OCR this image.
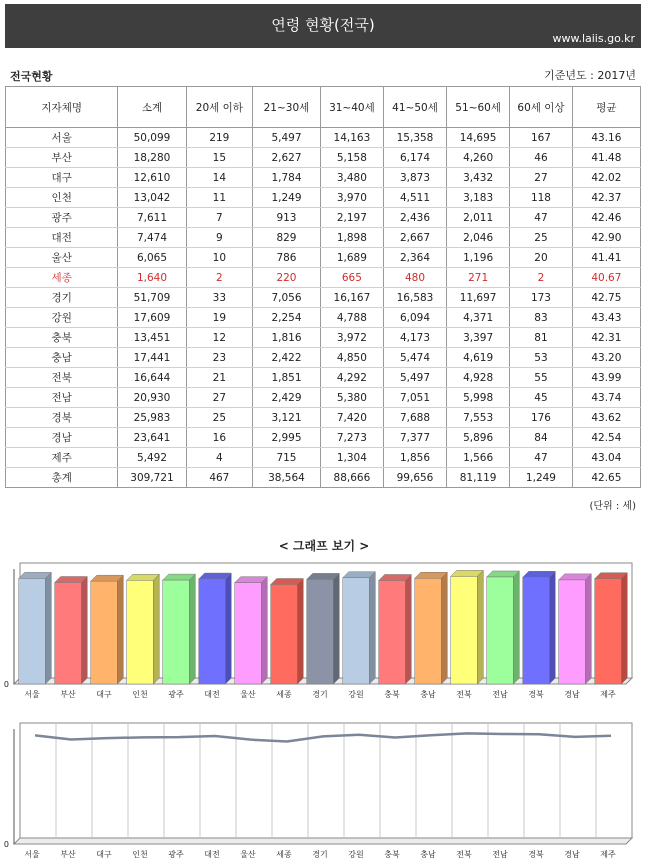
연령 현황(전국)
www.laiis.go.kr
전국현황	기준년도 : 2017년
지자체명	소계	20세 이하	21~30세	31~40세	41~50세	51~60세	60세 이상	평균
서울	50,099	219	5,497	14,163	15,358	14,695	167	43.16
부산	18,280	15	2,627	5,158	6,174	4,260	46	41.48
대구	12,610	14	1,784	3,480	3,873	3,432	27	42.02
인천	13,042	11	1,249	3,970	4,511	3,183	118	42.37
광주	7,611	7	913	2,197	2,436	2,011	47	42.46
대전	7,474	9	829	1,898	2,667	2,046	25	42.90
울산	6,065	10	786	1,689	2,364	1,196	20	41.41
세종	1,640	2	220	665	480	271	2	40.67
경기	51,709	33	7,056	16,167	16,583	11,697	173	42.75
강원	17,609	19	2,254	4,788	6,094	4,371	83	43.43
충북	13,451	12	1,816	3,972	4,173	3,397	81	42.31
충남	17,441	23	2,422	4,850	5,474	4,619	53	43.20
전북	16,644	21	1,851	4,292	5,497	4,928	55	43.99
전남	20,930	27	2,429	5,380	7,051	5,998	45	43.74
경북	25,983	25	3,121	7,420	7,688	7,553	176	43.62
경남	23,641	16	2,995	7,273	7,377	5,896	84	42.54
제주	5,492	4	715	1,304	1,856	1,566	47	43.04
총계	309,721	467	38,564	88,666	99,656	81,119	1,249	42.65
(단위 : 세)
< 그래프 보기 >
서울	부산	대구	인천	광주	대전	울산	세종	경기	강원	충북	충남	전북	전남	경북	경남	제주
0
서울	부산	대구	인천	광주	대전	울산	세종	경기	강원	충북	충남	전북	전남	경북	경남	제주
0
